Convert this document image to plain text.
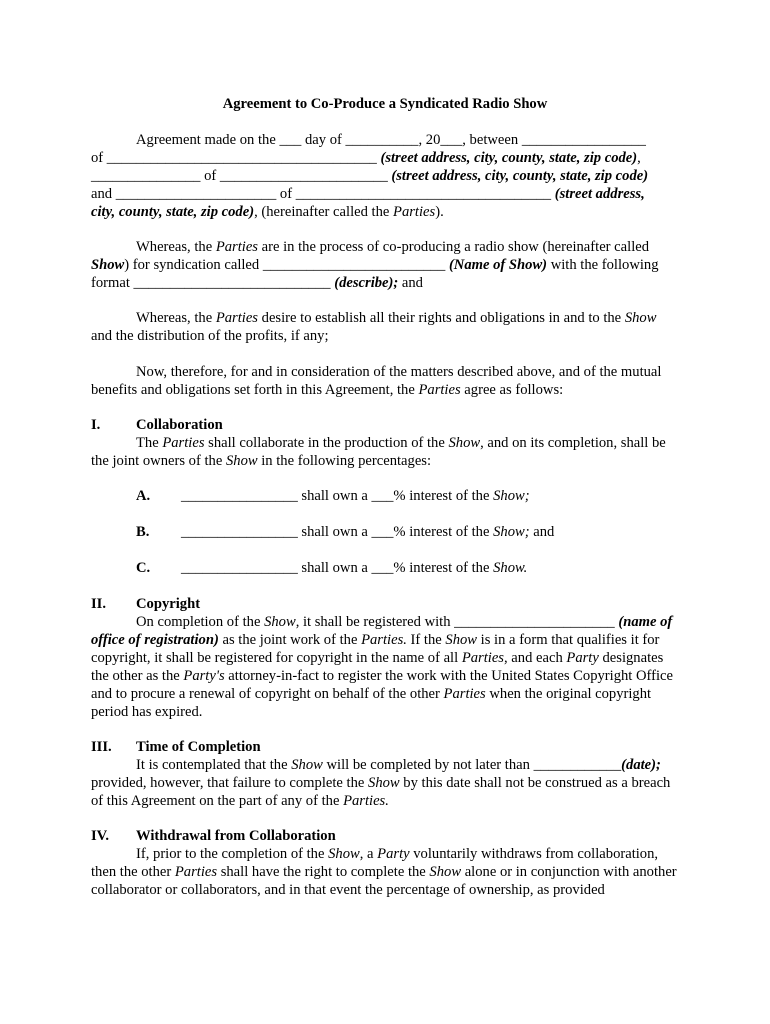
Agreement to Co-Produce a Syndicated Radio Show

Agreement made on the ___ day of __________, 20___, between _________________

of _____________________________________ (street address, city, county, state, zip code),

_______________ of _______________________ (street address, city, county, state, zip code)

and ______________________ of ___________________________________ (street address,

city, county, state, zip code), (hereinafter called the Parties).

Whereas, the Parties are in the process of co-producing a radio show (hereinafter called Show) for syndication called _________________________ (Name of Show) with the following format ___________________________ (describe); and

Whereas, the Parties desire to establish all their rights and obligations in and to the Show and the distribution of the profits, if any;

Now, therefore, for and in consideration of the matters described above, and of the mutual benefits and obligations set forth in this Agreement, the Parties agree as follows:

I. Collaboration

The Parties shall collaborate in the production of the Show, and on its completion, shall be the joint owners of the Show in the following percentages:

A. ________________ shall own a ___% interest of the Show;
B. ________________ shall own a ___% interest of the Show; and
C. ________________ shall own a ___% interest of the Show.
II. Copyright

On completion of the Show, it shall be registered with ______________________ (name of office of registration) as the joint work of the Parties. If the Show is in a form that qualifies it for copyright, it shall be registered for copyright in the name of all Parties, and each Party designates the other as the Party's attorney-in-fact to register the work with the United States Copyright Office and to procure a renewal of copyright on behalf of the other Parties when the original copyright period has expired.

III. Time of Completion

It is contemplated that the Show will be completed by not later than ____________(date); provided, however, that failure to complete the Show by this date shall not be construed as a breach of this Agreement on the part of any of the Parties.

IV. Withdrawal from Collaboration

If, prior to the completion of the Show, a Party voluntarily withdraws from collaboration, then the other Parties shall have the right to complete the Show alone or in conjunction with another collaborator or collaborators, and in that event the percentage of ownership, as provided
